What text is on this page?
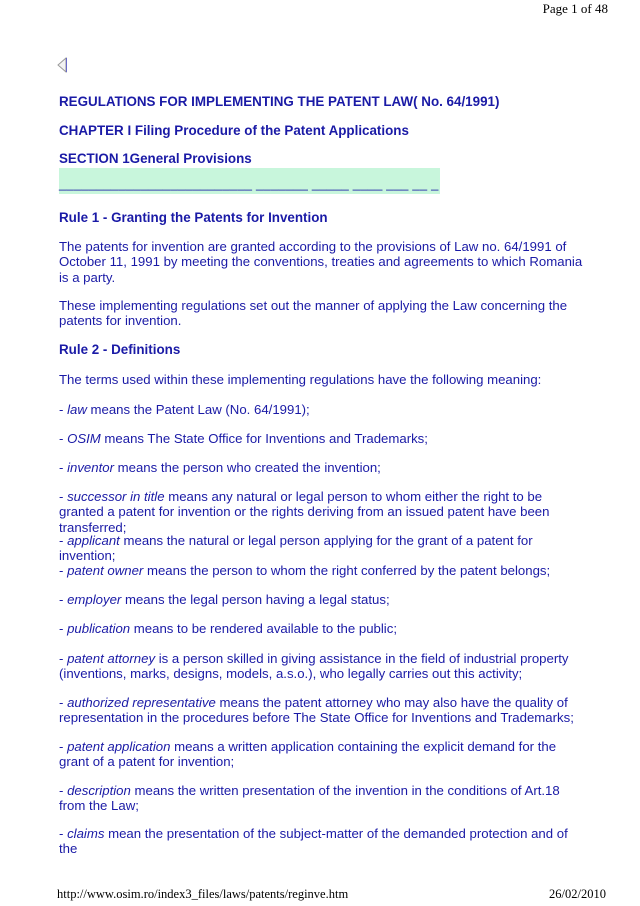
Page 1 of 48
REGULATIONS FOR IMPLEMENTING THE PATENT LAW( No. 64/1991)
CHAPTER I Filing Procedure of the Patent Applications
SECTION 1General Provisions
__________________________ _______ _____ ____ ___ __ _
Rule 1 - Granting the Patents for Invention

The patents for invention are granted according to the provisions of Law no. 64/1991 of October 11, 1991 by meeting the conventions, treaties and agreements to which Romania is a party.

These implementing regulations set out the manner of applying the Law concerning the patents for invention.

Rule 2 - Definitions

The terms used within these implementing regulations have the following meaning:

- law means the Patent Law (No. 64/1991);

- OSIM means The State Office for Inventions and Trademarks;

- inventor means the person who created the invention;

- successor in title means any natural or legal person to whom either the right to be granted a patent for invention or the rights deriving from an issued patent have been transferred;

- applicant means the natural or legal person applying for the grant of a patent for invention;

- patent owner means the person to whom the right conferred by the patent belongs;

- employer means the legal person having a legal status;

- publication means to be rendered available to the public;

- patent attorney is a person skilled in giving assistance in the field of industrial property (inventions, marks, designs, models, a.s.o.), who legally carries out this activity;

- authorized representative means the patent attorney who may also have the quality of representation in the procedures before The State Office for Inventions and Trademarks;

- patent application means a written application containing the explicit demand for the grant of a patent for invention;

- description means the written presentation of the invention in the conditions of Art.18 from the Law;

- claims mean the presentation of the subject-matter of the demanded protection and of the

http://www.osim.ro/index3_files/laws/patents/reginve.htm	26/02/2010
